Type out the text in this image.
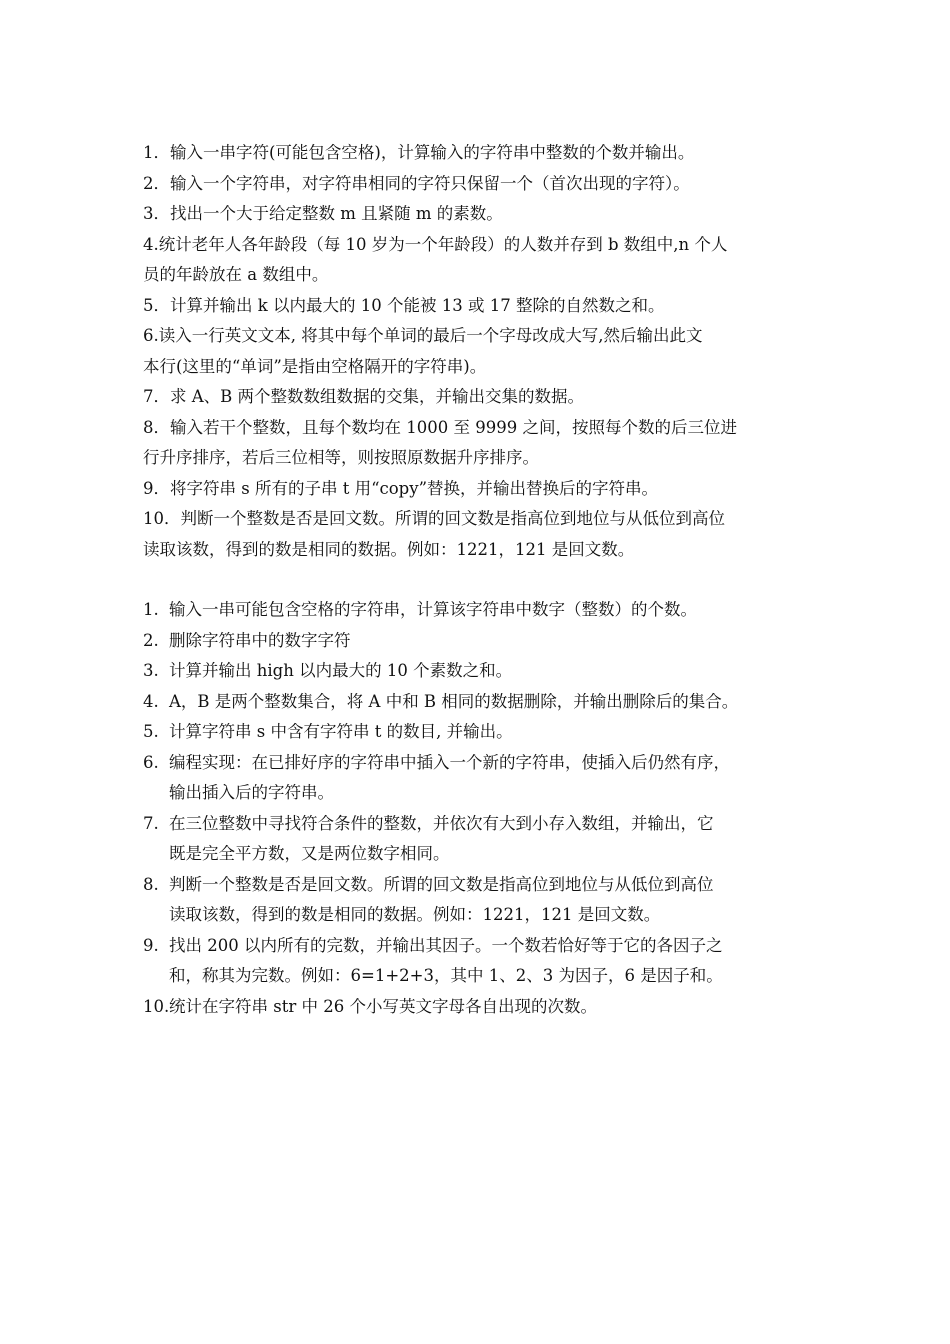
1．输入一串字符(可能包含空格)，计算输入的字符串中整数的个数并输出。

2．输入一个字符串，对字符串相同的字符只保留一个（首次出现的字符）。

3．找出一个大于给定整数 m 且紧随 m 的素数。

4.统计老年人各年龄段（每 10 岁为一个年龄段）的人数并存到 b 数组中,n 个人

员的年龄放在 a 数组中。

5．计算并输出 k 以内最大的 10 个能被 13 或 17 整除的自然数之和。

6.读入一行英文文本, 将其中每个单词的最后一个字母改成大写,然后输出此文

本行(这里的“单词”是指由空格隔开的字符串)。

7．求 A、B 两个整数数组数据的交集，并输出交集的数据。

8．输入若干个整数，且每个数均在 1000 至 9999 之间，按照每个数的后三位进

行升序排序，若后三位相等，则按照原数据升序排序。

9．将字符串 s 所有的子串 t 用“copy”替换，并输出替换后的字符串。

10．判断一个整数是否是回文数。所谓的回文数是指高位到地位与从低位到高位

读取该数，得到的数是相同的数据。例如：1221，121 是回文数。

1. 输入一串可能包含空格的字符串，计算该字符串中数字（整数）的个数。
2. 删除字符串中的数字字符
3. 计算并输出 high 以内最大的 10 个素数之和。
4. A，B 是两个整数集合，将 A 中和 B 相同的数据删除，并输出删除后的集合。
5. 计算字符串 s 中含有字符串 t 的数目, 并输出。
6. 编程实现：在已排好序的字符串中插入一个新的字符串，使插入后仍然有序，
输出插入后的字符串。
7. 在三位整数中寻找符合条件的整数，并依次有大到小存入数组，并输出，它
既是完全平方数，又是两位数字相同。
8. 判断一个整数是否是回文数。所谓的回文数是指高位到地位与从低位到高位
读取该数，得到的数是相同的数据。例如：1221，121 是回文数。
9. 找出 200 以内所有的完数，并输出其因子。一个数若恰好等于它的各因子之
和，称其为完数。例如：6=1+2+3，其中 1、2、3 为因子，6 是因子和。
10. 统计在字符串 str 中 26 个小写英文字母各自出现的次数。
